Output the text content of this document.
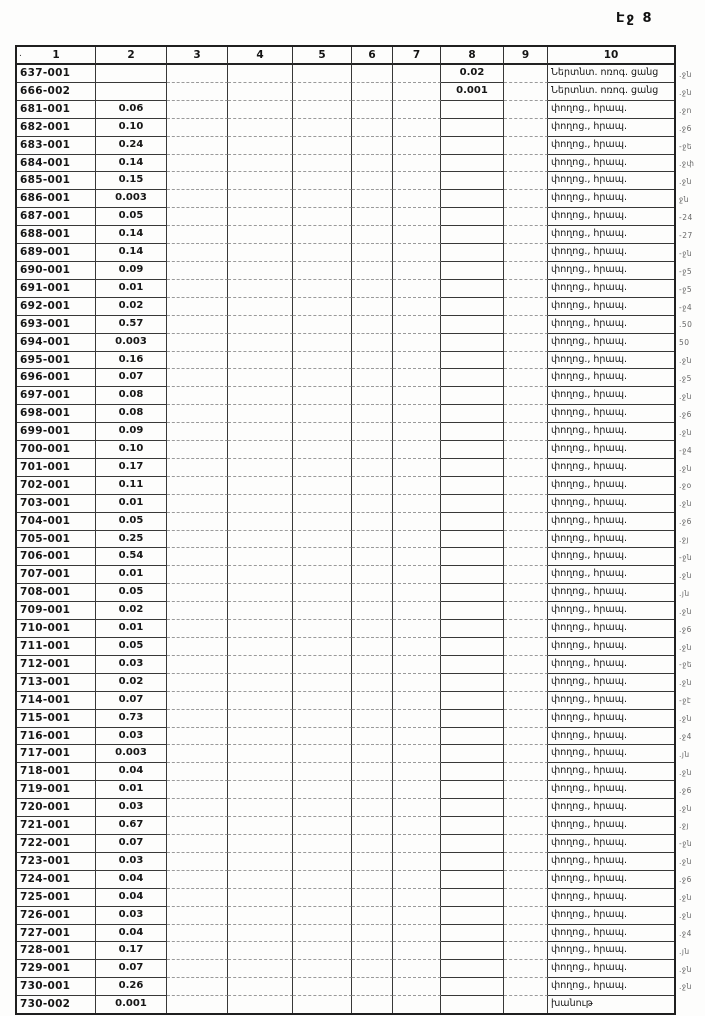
Էջ 8
.	1	2	3	4	5	6	7	8	9	10
637-001							0.02		Ներտնտ. ոռոգ. ցանց
666-002							0.001		Ներտնտ. ոռոգ. ցանց
681-001	0.06								փողոց., հրապ.
682-001	0.10								փողոց., հրապ.
683-001	0.24								փողոց., հրապ.
684-001	0.14								փողոց., հրապ.
685-001	0.15								փողոց., հրապ.
686-001	0.003								փողոց., հրապ.
687-001	0.05								փողոց., հրապ.
688-001	0.14								փողոց., հրապ.
689-001	0.14								փողոց., հրապ.
690-001	0.09								փողոց., հրապ.
691-001	0.01								փողոց., հրապ.
692-001	0.02								փողոց., հրապ.
693-001	0.57								փողոց., հրապ.
694-001	0.003								փողոց., հրապ.
695-001	0.16								փողոց., հրապ.
696-001	0.07								փողոց., հրապ.
697-001	0.08								փողոց., հրապ.
698-001	0.08								փողոց., հրապ.
699-001	0.09								փողոց., հրապ.
700-001	0.10								փողոց., հրապ.
701-001	0.17								փողոց., հրապ.
702-001	0.11								փողոց., հրապ.
703-001	0.01								փողոց., հրապ.
704-001	0.05								փողոց., հրապ.
705-001	0.25								փողոց., հրապ.
706-001	0.54								փողոց., հրապ.
707-001	0.01								փողոց., հրապ.
708-001	0.05								փողոց., հրապ.
709-001	0.02								փողոց., հրապ.
710-001	0.01								փողոց., հրապ.
711-001	0.05								փողոց., հրապ.
712-001	0.03								փողոց., հրապ.
713-001	0.02								փողոց., հրապ.
714-001	0.07								փողոց., հրապ.
715-001	0.73								փողոց., հրապ.
716-001	0.03								փողոց., հրապ.
717-001	0.003								փողոց., հրապ.
718-001	0.04								փողոց., հրապ.
719-001	0.01								փողոց., հրապ.
720-001	0.03								փողոց., հրապ.
721-001	0.67								փողոց., հրապ.
722-001	0.07								փողոց., հրապ.
723-001	0.03								փողոց., հրապ.
724-001	0.04								փողոց., հրապ.
725-001	0.04								փողոց., հրապ.
726-001	0.03								փողոց., հրապ.
727-001	0.04								փողոց., հրապ.
728-001	0.17								փողոց., հրապ.
729-001	0.07								փողոց., հրապ.
730-001	0.26								փողոց., հրապ.
730-002	0.001								խանութ
.ջն
.ջն
.ջո
.ջ6
-ջե
.ջփ
.ջն
ջն
-24
-27
-ջն
-ջ5
-ջ5
-ջ4
.50
50
.ջն
.ջ5
.ջն
.ջ6
.ջն
-ջ4
.ջն
.ջօ
.ջն
.ջ6
.ջյ
-ջն
.ջն
.յն
.ջն
.ջ6
.ջն
-ջե
.ջն
-ջէ
.ջն
.ջ4
.յն
.ջն
.ջ6
.ջն
.ջյ
-ջն
.ջն
.ջ6
.ջն
.ջն
.ջ4
.յն
.ջն
.ջն
